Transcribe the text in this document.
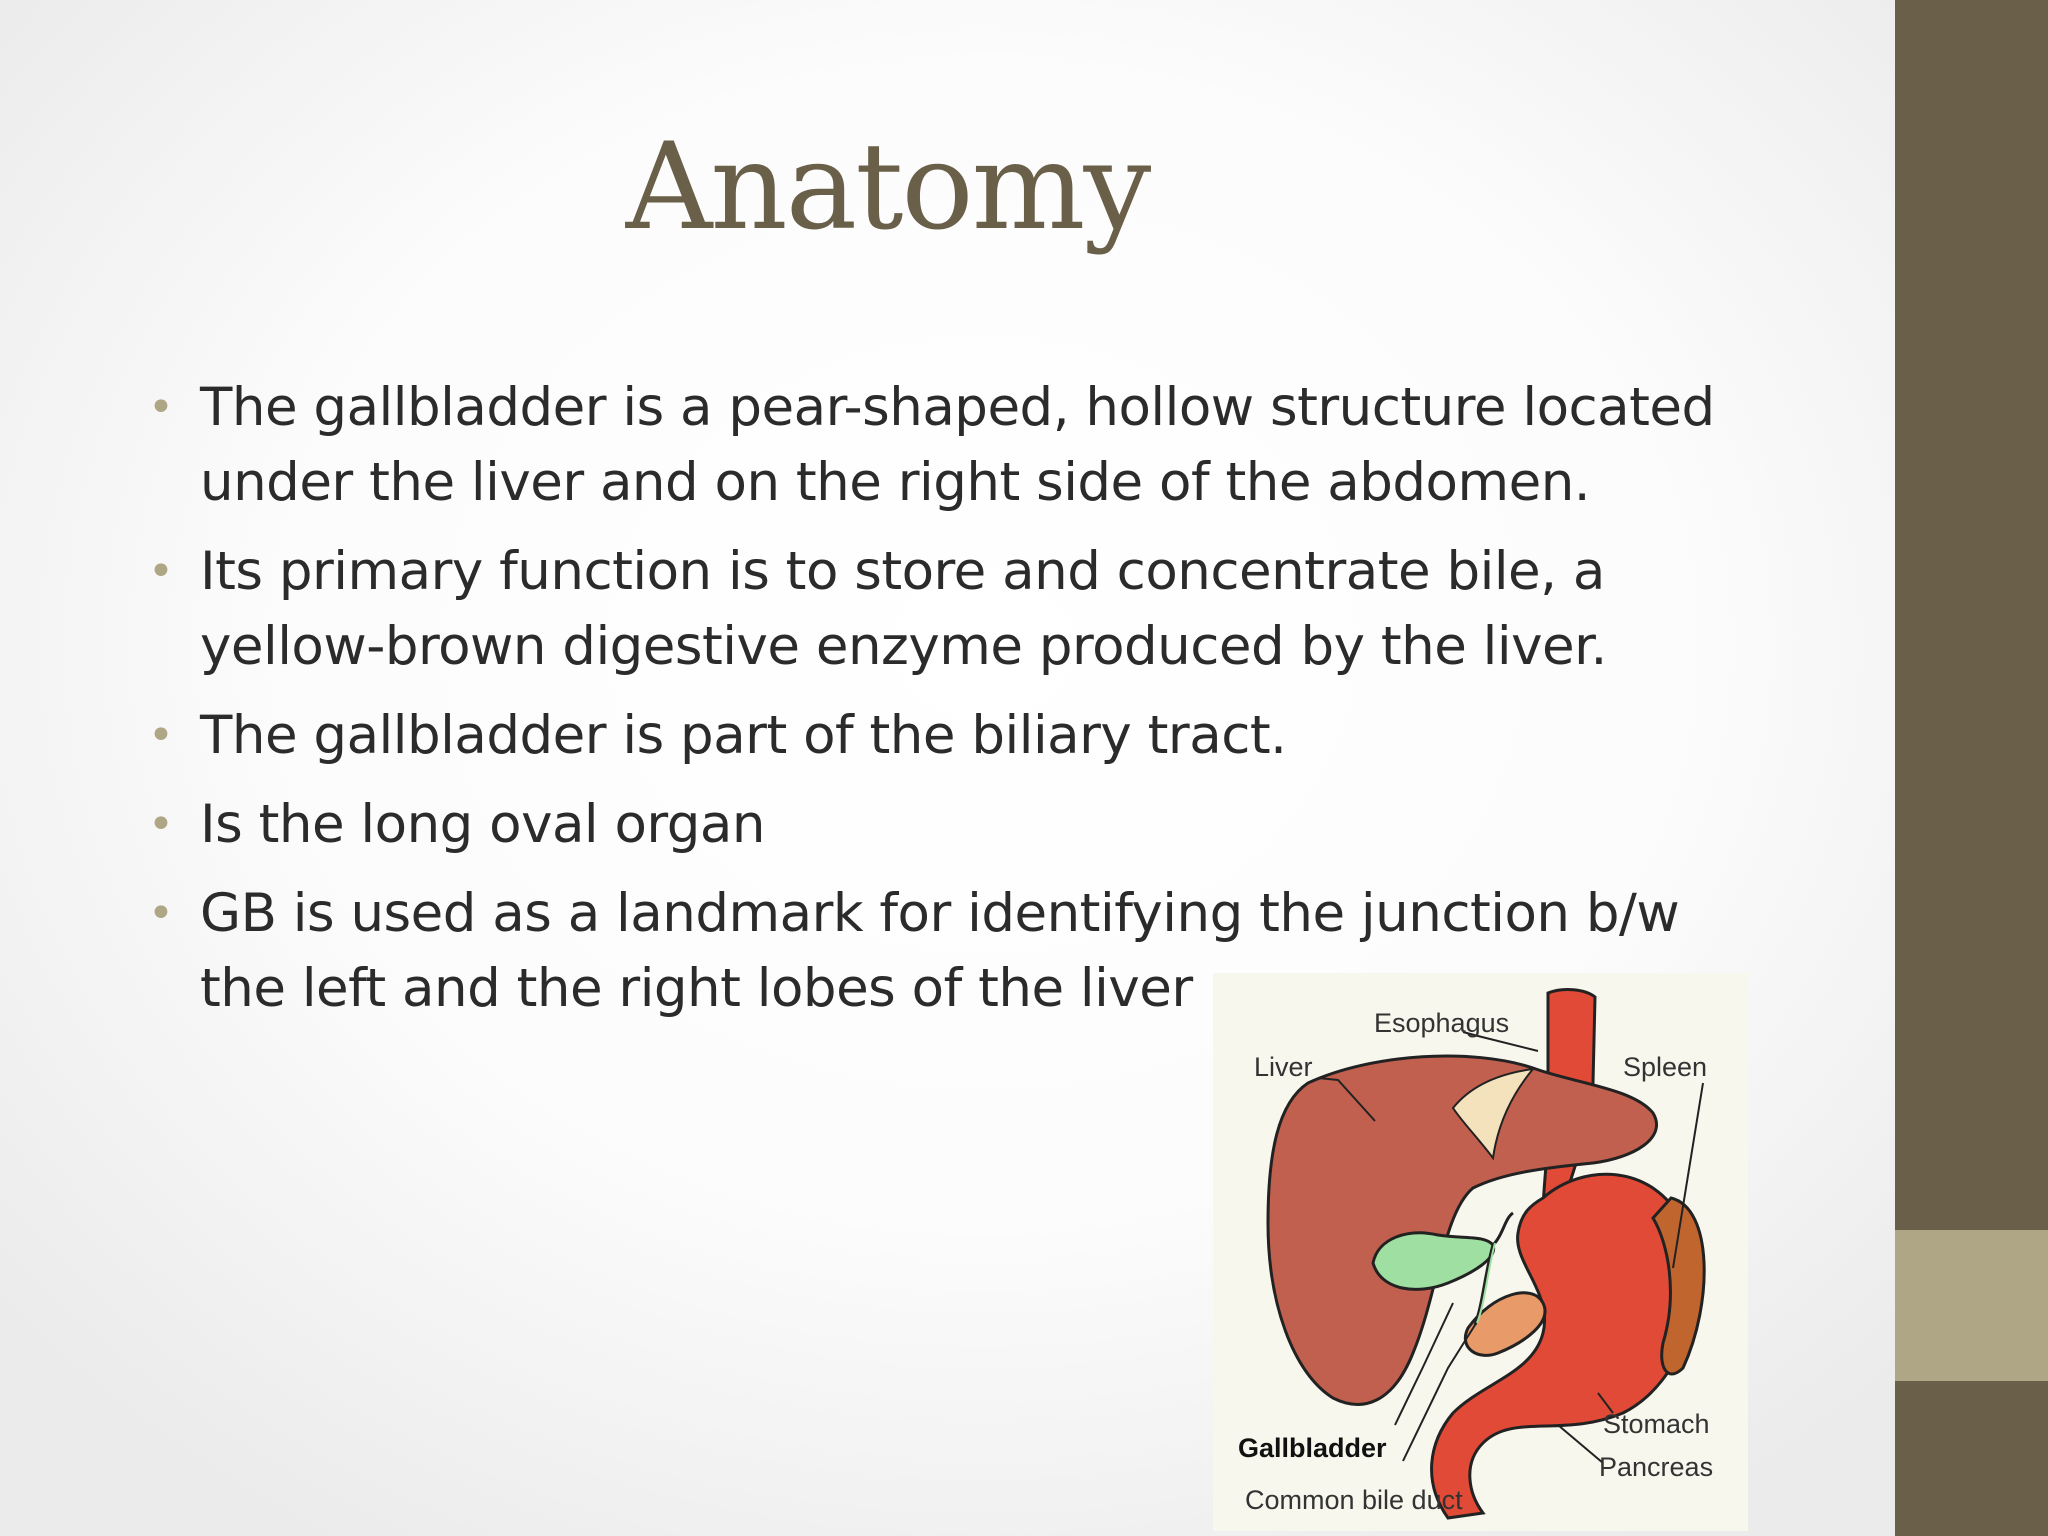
Anatomy
• The gallbladder is a pear-shaped, hollow structure located under the liver and on the right side of the abdomen.
• Its primary function is to store and concentrate bile, a yellow-brown digestive enzyme produced by the liver.
• The gallbladder is part of the biliary tract.
• Is the long oval organ
• GB is used as a landmark for identifying the junction b/w the left and the right lobes of the liver
Esophagus
Liver	Spleen
Stomach
Gallbladder
Pancreas
Common bile duct
